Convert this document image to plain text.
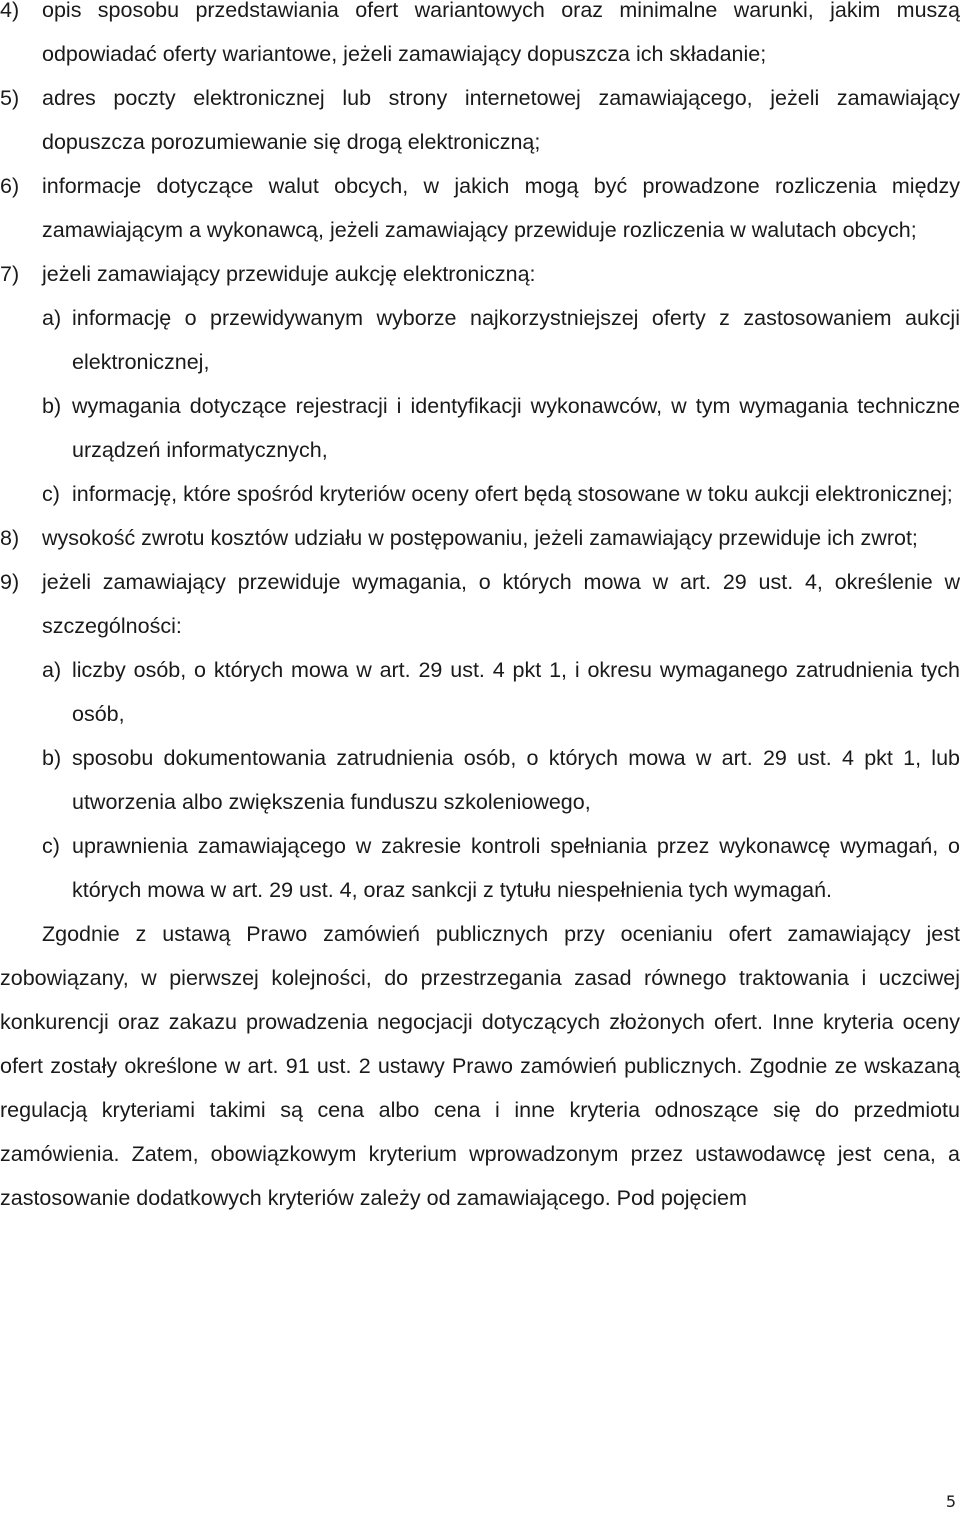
4) opis sposobu przedstawiania ofert wariantowych oraz minimalne warunki, jakim muszą odpowiadać oferty wariantowe, jeżeli zamawiający dopuszcza ich składanie;
5) adres poczty elektronicznej lub strony internetowej zamawiającego, jeżeli zamawiający dopuszcza porozumiewanie się drogą elektroniczną;
6) informacje dotyczące walut obcych, w jakich mogą być prowadzone rozliczenia między zamawiającym a wykonawcą, jeżeli zamawiający przewiduje rozliczenia w walutach obcych;
7) jeżeli zamawiający przewiduje aukcję elektroniczną:
a) informację o przewidywanym wyborze najkorzystniejszej oferty z zastosowaniem aukcji elektronicznej,
b) wymagania dotyczące rejestracji i identyfikacji wykonawców, w tym wymagania techniczne urządzeń informatycznych,
c) informację, które spośród kryteriów oceny ofert będą stosowane w toku aukcji elektronicznej;
8) wysokość zwrotu kosztów udziału w postępowaniu, jeżeli zamawiający przewiduje ich zwrot;
9) jeżeli zamawiający przewiduje wymagania, o których mowa w art. 29 ust. 4, określenie w szczególności:
a) liczby osób, o których mowa w art. 29 ust. 4 pkt 1, i okresu wymaganego zatrudnienia tych osób,
b) sposobu dokumentowania zatrudnienia osób, o których mowa w art. 29 ust. 4 pkt 1, lub utworzenia albo zwiększenia funduszu szkoleniowego,
c) uprawnienia zamawiającego w zakresie kontroli spełniania przez wykonawcę wymagań, o których mowa w art. 29 ust. 4, oraz sankcji z tytułu niespełnienia tych wymagań.
Zgodnie z ustawą Prawo zamówień publicznych przy ocenianiu ofert zamawiający jest zobowiązany, w pierwszej kolejności, do przestrzegania zasad równego traktowania i uczciwej konkurencji oraz zakazu prowadzenia negocjacji dotyczących złożonych ofert. Inne kryteria oceny ofert zostały określone w art. 91 ust. 2 ustawy Prawo zamówień publicznych. Zgodnie ze wskazaną regulacją kryteriami takimi są cena albo cena i inne kryteria odnoszące się do przedmiotu zamówienia. Zatem, obowiązkowym kryterium wprowadzonym przez ustawodawcę jest cena, a zastosowanie dodatkowych kryteriów zależy od zamawiającego. Pod pojęciem
5
